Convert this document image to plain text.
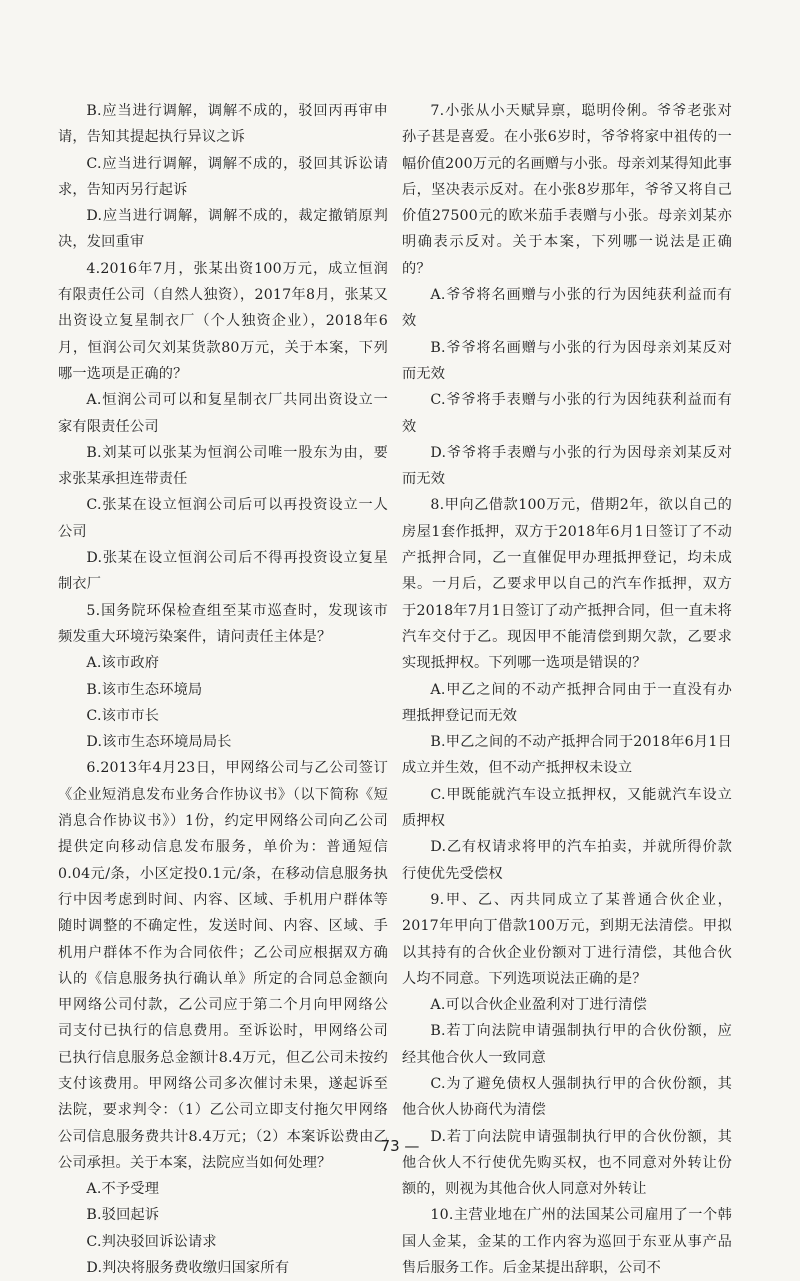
B.应当进行调解，调解不成的，驳回丙再审申请，告知其提起执行异议之诉

C.应当进行调解，调解不成的，驳回其诉讼请求，告知丙另行起诉

D.应当进行调解，调解不成的，裁定撤销原判决，发回重审

4.2016年7月，张某出资100万元，成立恒润有限责任公司（自然人独资），2017年8月，张某又出资设立复星制衣厂（个人独资企业），2018年6月，恒润公司欠刘某货款80万元，关于本案，下列哪一选项是正确的？

A.恒润公司可以和复星制衣厂共同出资设立一家有限责任公司

B.刘某可以张某为恒润公司唯一股东为由，要求张某承担连带责任

C.张某在设立恒润公司后可以再投资设立一人公司

D.张某在设立恒润公司后不得再投资设立复星制衣厂

5.国务院环保检查组至某市巡查时，发现该市频发重大环境污染案件，请问责任主体是？

A.该市政府

B.该市生态环境局

C.该市市长

D.该市生态环境局局长

6.2013年4月23日，甲网络公司与乙公司签订《企业短消息发布业务合作协议书》（以下简称《短消息合作协议书》）1份，约定甲网络公司向乙公司提供定向移动信息发布服务，单价为：普通短信0.04元/条，小区定投0.1元/条，在移动信息服务执行中因考虑到时间、内容、区域、手机用户群体等随时调整的不确定性，发送时间、内容、区域、手机用户群体不作为合同依件；乙公司应根据双方确认的《信息服务执行确认单》所定的合同总金额向甲网络公司付款，乙公司应于第二个月向甲网络公司支付已执行的信息费用。至诉讼时，甲网络公司已执行信息服务总金额计8.4万元，但乙公司未按约支付该费用。甲网络公司多次催讨未果，遂起诉至法院，要求判令：（1）乙公司立即支付拖欠甲网络公司信息服务费共计8.4万元；（2）本案诉讼费由乙公司承担。关于本案，法院应当如何处理？

A.不予受理

B.驳回起诉

C.判决驳回诉讼请求

D.判决将服务费收缴归国家所有

7.小张从小天赋异禀，聪明伶俐。爷爷老张对孙子甚是喜爱。在小张6岁时，爷爷将家中祖传的一幅价值200万元的名画赠与小张。母亲刘某得知此事后，坚决表示反对。在小张8岁那年，爷爷又将自己价值27500元的欧米茄手表赠与小张。母亲刘某亦明确表示反对。关于本案，下列哪一说法是正确的？

A.爷爷将名画赠与小张的行为因纯获利益而有效

B.爷爷将名画赠与小张的行为因母亲刘某反对而无效

C.爷爷将手表赠与小张的行为因纯获利益而有效

D.爷爷将手表赠与小张的行为因母亲刘某反对而无效

8.甲向乙借款100万元，借期2年，欲以自己的房屋1套作抵押，双方于2018年6月1日签订了不动产抵押合同，乙一直催促甲办理抵押登记，均未成果。一月后，乙要求甲以自己的汽车作抵押，双方于2018年7月1日签订了动产抵押合同，但一直未将汽车交付于乙。现因甲不能清偿到期欠款，乙要求实现抵押权。下列哪一选项是错误的？

A.甲乙之间的不动产抵押合同由于一直没有办理抵押登记而无效

B.甲乙之间的不动产抵押合同于2018年6月1日成立并生效，但不动产抵押权未设立

C.甲既能就汽车设立抵押权，又能就汽车设立质押权

D.乙有权请求将甲的汽车拍卖，并就所得价款行使优先受偿权

9.甲、乙、丙共同成立了某普通合伙企业，2017年甲向丁借款100万元，到期无法清偿。甲拟以其持有的合伙企业份额对丁进行清偿，其他合伙人均不同意。下列选项说法正确的是？

A.可以合伙企业盈利对丁进行清偿

B.若丁向法院申请强制执行甲的合伙份额，应经其他合伙人一致同意

C.为了避免债权人强制执行甲的合伙份额，其他合伙人协商代为清偿

D.若丁向法院申请强制执行甲的合伙份额，其他合伙人不行使优先购买权，也不同意对外转让份额的，则视为其他合伙人同意对外转让

10.主营业地在广州的法国某公司雇用了一个韩国人金某，金某的工作内容为巡回于东亚从事产品售后服务工作。后金某提出辞职，公司不

73 —
